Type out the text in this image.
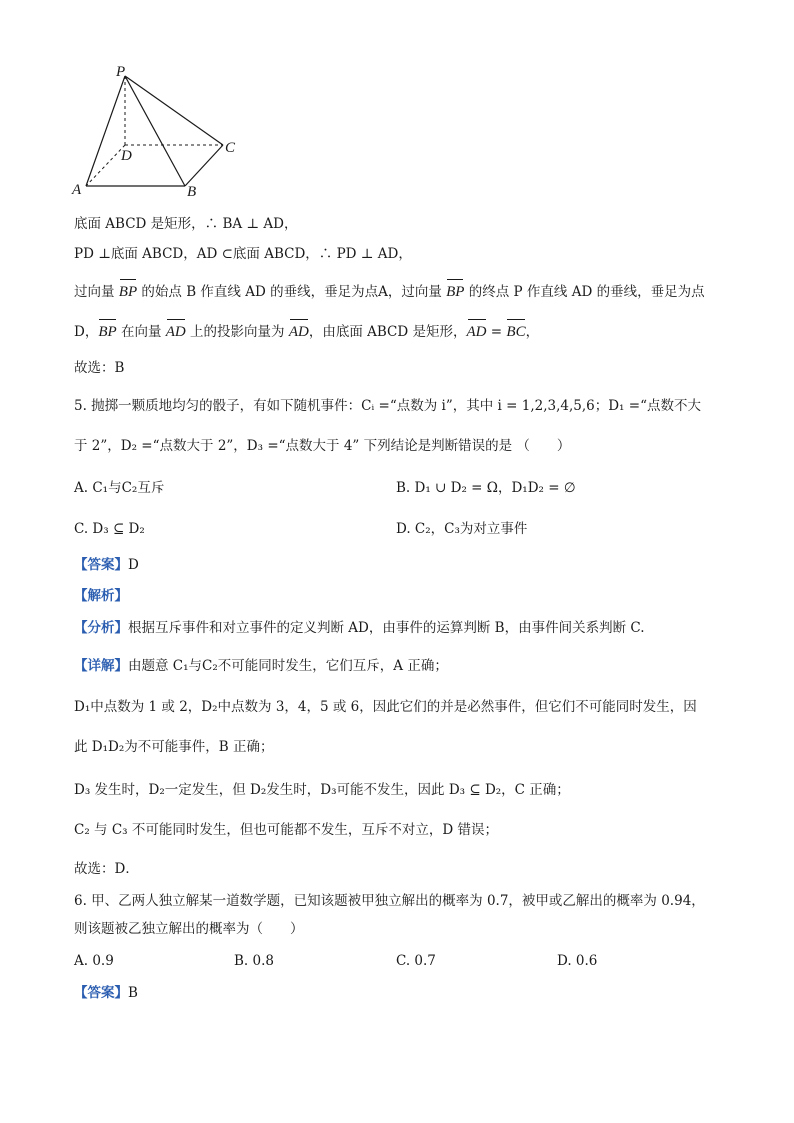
P
D	C
A	B
底面 ABCD 是矩形，∴ BA ⊥ AD，
PD ⊥底面 ABCD，AD ⊂底面 ABCD，∴ PD ⊥ AD，
过向量 BP 的始点 B 作直线 AD 的垂线，垂足为点A，过向量 BP 的终点 P 作直线 AD 的垂线，垂足为点
D，BP 在向量 AD 上的投影向量为 AD，由底面 ABCD 是矩形，AD = BC，
故选：B
5. 抛掷一颗质地均匀的骰子，有如下随机事件：Cᵢ =“点数为 i”，其中 i = 1,2,3,4,5,6；D₁ =“点数不大
于 2”，D₂ =“点数大于 2”，D₃ =“点数大于 4” 下列结论是判断错误的是 （　　）
A. C₁与C₂互斥	B. D₁ ∪ D₂ = Ω，D₁D₂ = ∅
C. D₃ ⊆ D₂	D. C₂，C₃为对立事件
【答案】D
【解析】
【分析】根据互斥事件和对立事件的定义判断 AD，由事件的运算判断 B，由事件间关系判断 C.
【详解】由题意 C₁与C₂不可能同时发生，它们互斥，A 正确；
D₁中点数为 1 或 2，D₂中点数为 3，4，5 或 6，因此它们的并是必然事件，但它们不可能同时发生，因
此 D₁D₂为不可能事件，B 正确；
D₃ 发生时，D₂一定发生，但 D₂发生时，D₃可能不发生，因此 D₃ ⊆ D₂，C 正确；
C₂ 与 C₃ 不可能同时发生，但也可能都不发生，互斥不对立，D 错误；
故选：D．
6. 甲、乙两人独立解某一道数学题，已知该题被甲独立解出的概率为 0.7，被甲或乙解出的概率为 0.94，
则该题被乙独立解出的概率为（　　）
A. 0.9	B. 0.8	C. 0.7	D. 0.6
【答案】B
